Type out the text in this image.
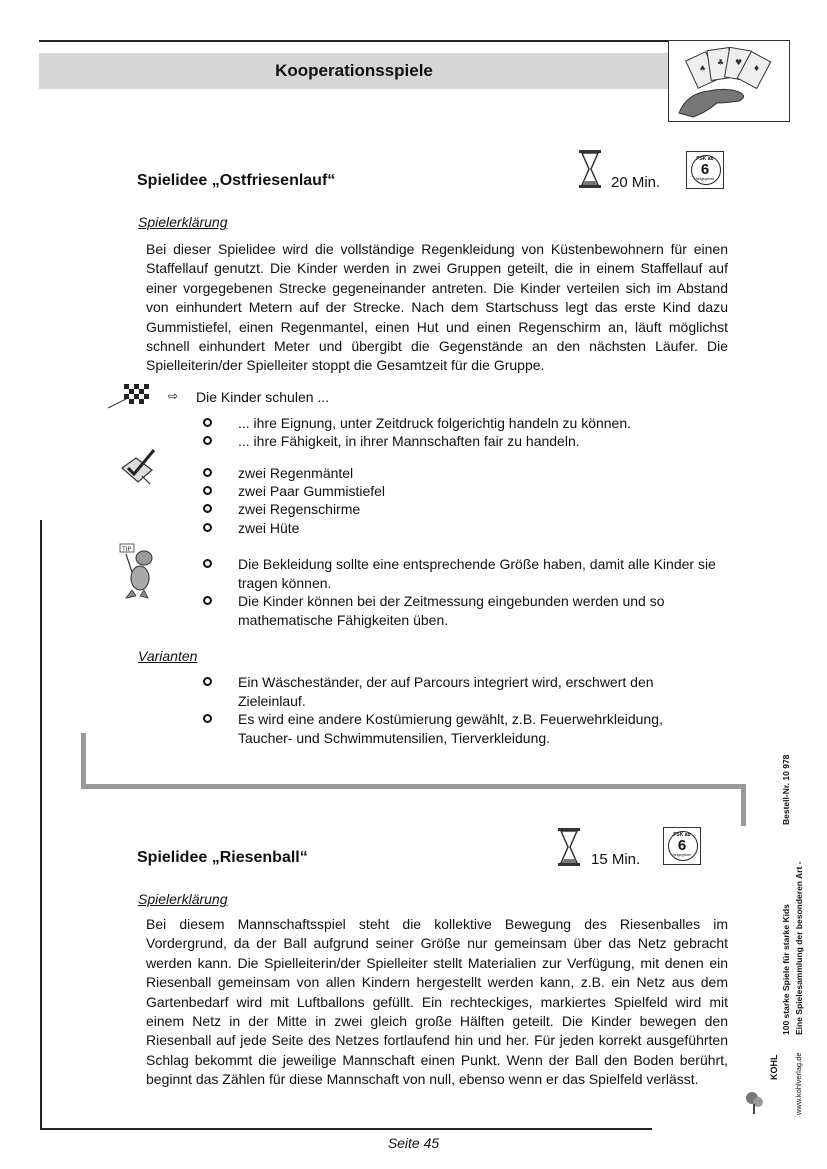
Kooperationsspiele	♠
♣ ♥
♦
Spielidee „Ostfriesenlauf“	20 Min.
FSK ab
6
freigegeben
Spielerklärung
Bei dieser Spielidee wird die vollständige Regenkleidung von Küstenbewohnern für einen Staffellauf genutzt. Die Kinder werden in zwei Gruppen geteilt, die in einem Staffellauf auf einer vorgegebenen Strecke gegeneinander antreten. Die Kinder verteilen sich im Abstand von einhundert Metern auf der Strecke. Nach dem Startschuss legt das erste Kind dazu Gummistiefel, einen Regenmantel, einen Hut und einen Regenschirm an, läuft möglichst schnell einhundert Meter und übergibt die Gegenstände an den nächsten Läufer. Die Spielleiterin/der Spielleiter stoppt die Gesamtzeit für die Gruppe.
⇨ Die Kinder schulen ...
... ihre Eignung, unter Zeitdruck folgerichtig handeln zu können.
... ihre Fähigkeit, in ihrer Mannschaften fair zu handeln.
zwei Regenmäntel
zwei Paar Gummistiefel
zwei Regenschirme
zwei Hüte
TIP
Die Bekleidung sollte eine entsprechende Größe haben, damit alle Kinder sie tragen können.
Die Kinder können bei der Zeitmessung eingebunden werden und so mathematische Fähigkeiten üben.
Varianten
Ein Wäscheständer, der auf Parcours integriert wird, erschwert den Zieleinlauf.
Es wird eine andere Kostümierung gewählt, z.B. Feuerwehrkleidung, Taucher- und Schwimmutensilien, Tierverkleidung.
Spielidee „Riesenball“	15 Min.
FSK ab
6
freigegeben
Spielerklärung
Bei diesem Mannschaftsspiel steht die kollektive Bewegung des Riesenballes im Vordergrund, da der Ball aufgrund seiner Größe nur gemeinsam über das Netz gebracht werden kann. Die Spielleiterin/der Spielleiter stellt Materialien zur Verfügung, mit denen ein Riesenball gemeinsam von allen Kindern hergestellt werden kann, z.B. ein Netz aus dem Gartenbedarf wird mit Luftballons gefüllt. Ein rechteckiges, markiertes Spielfeld wird mit einem Netz in der Mitte in zwei gleich große Hälften geteilt. Die Kinder bewegen den Riesenball auf jede Seite des Netzes fortlaufend hin und her. Für jeden korrekt ausgeführten Schlag bekommt die jeweilige Mannschaft einen Punkt. Wenn der Ball den Boden berührt, beginnt das Zählen für diese Mannschaft von null, ebenso wenn er das Spielfeld verlässt.
Bestell-Nr. 10 978
100 starke Spiele für starke Kids Eine Spielesammlung der besonderen Art -
KOHL www.kohlverlag.de
Seite 45
